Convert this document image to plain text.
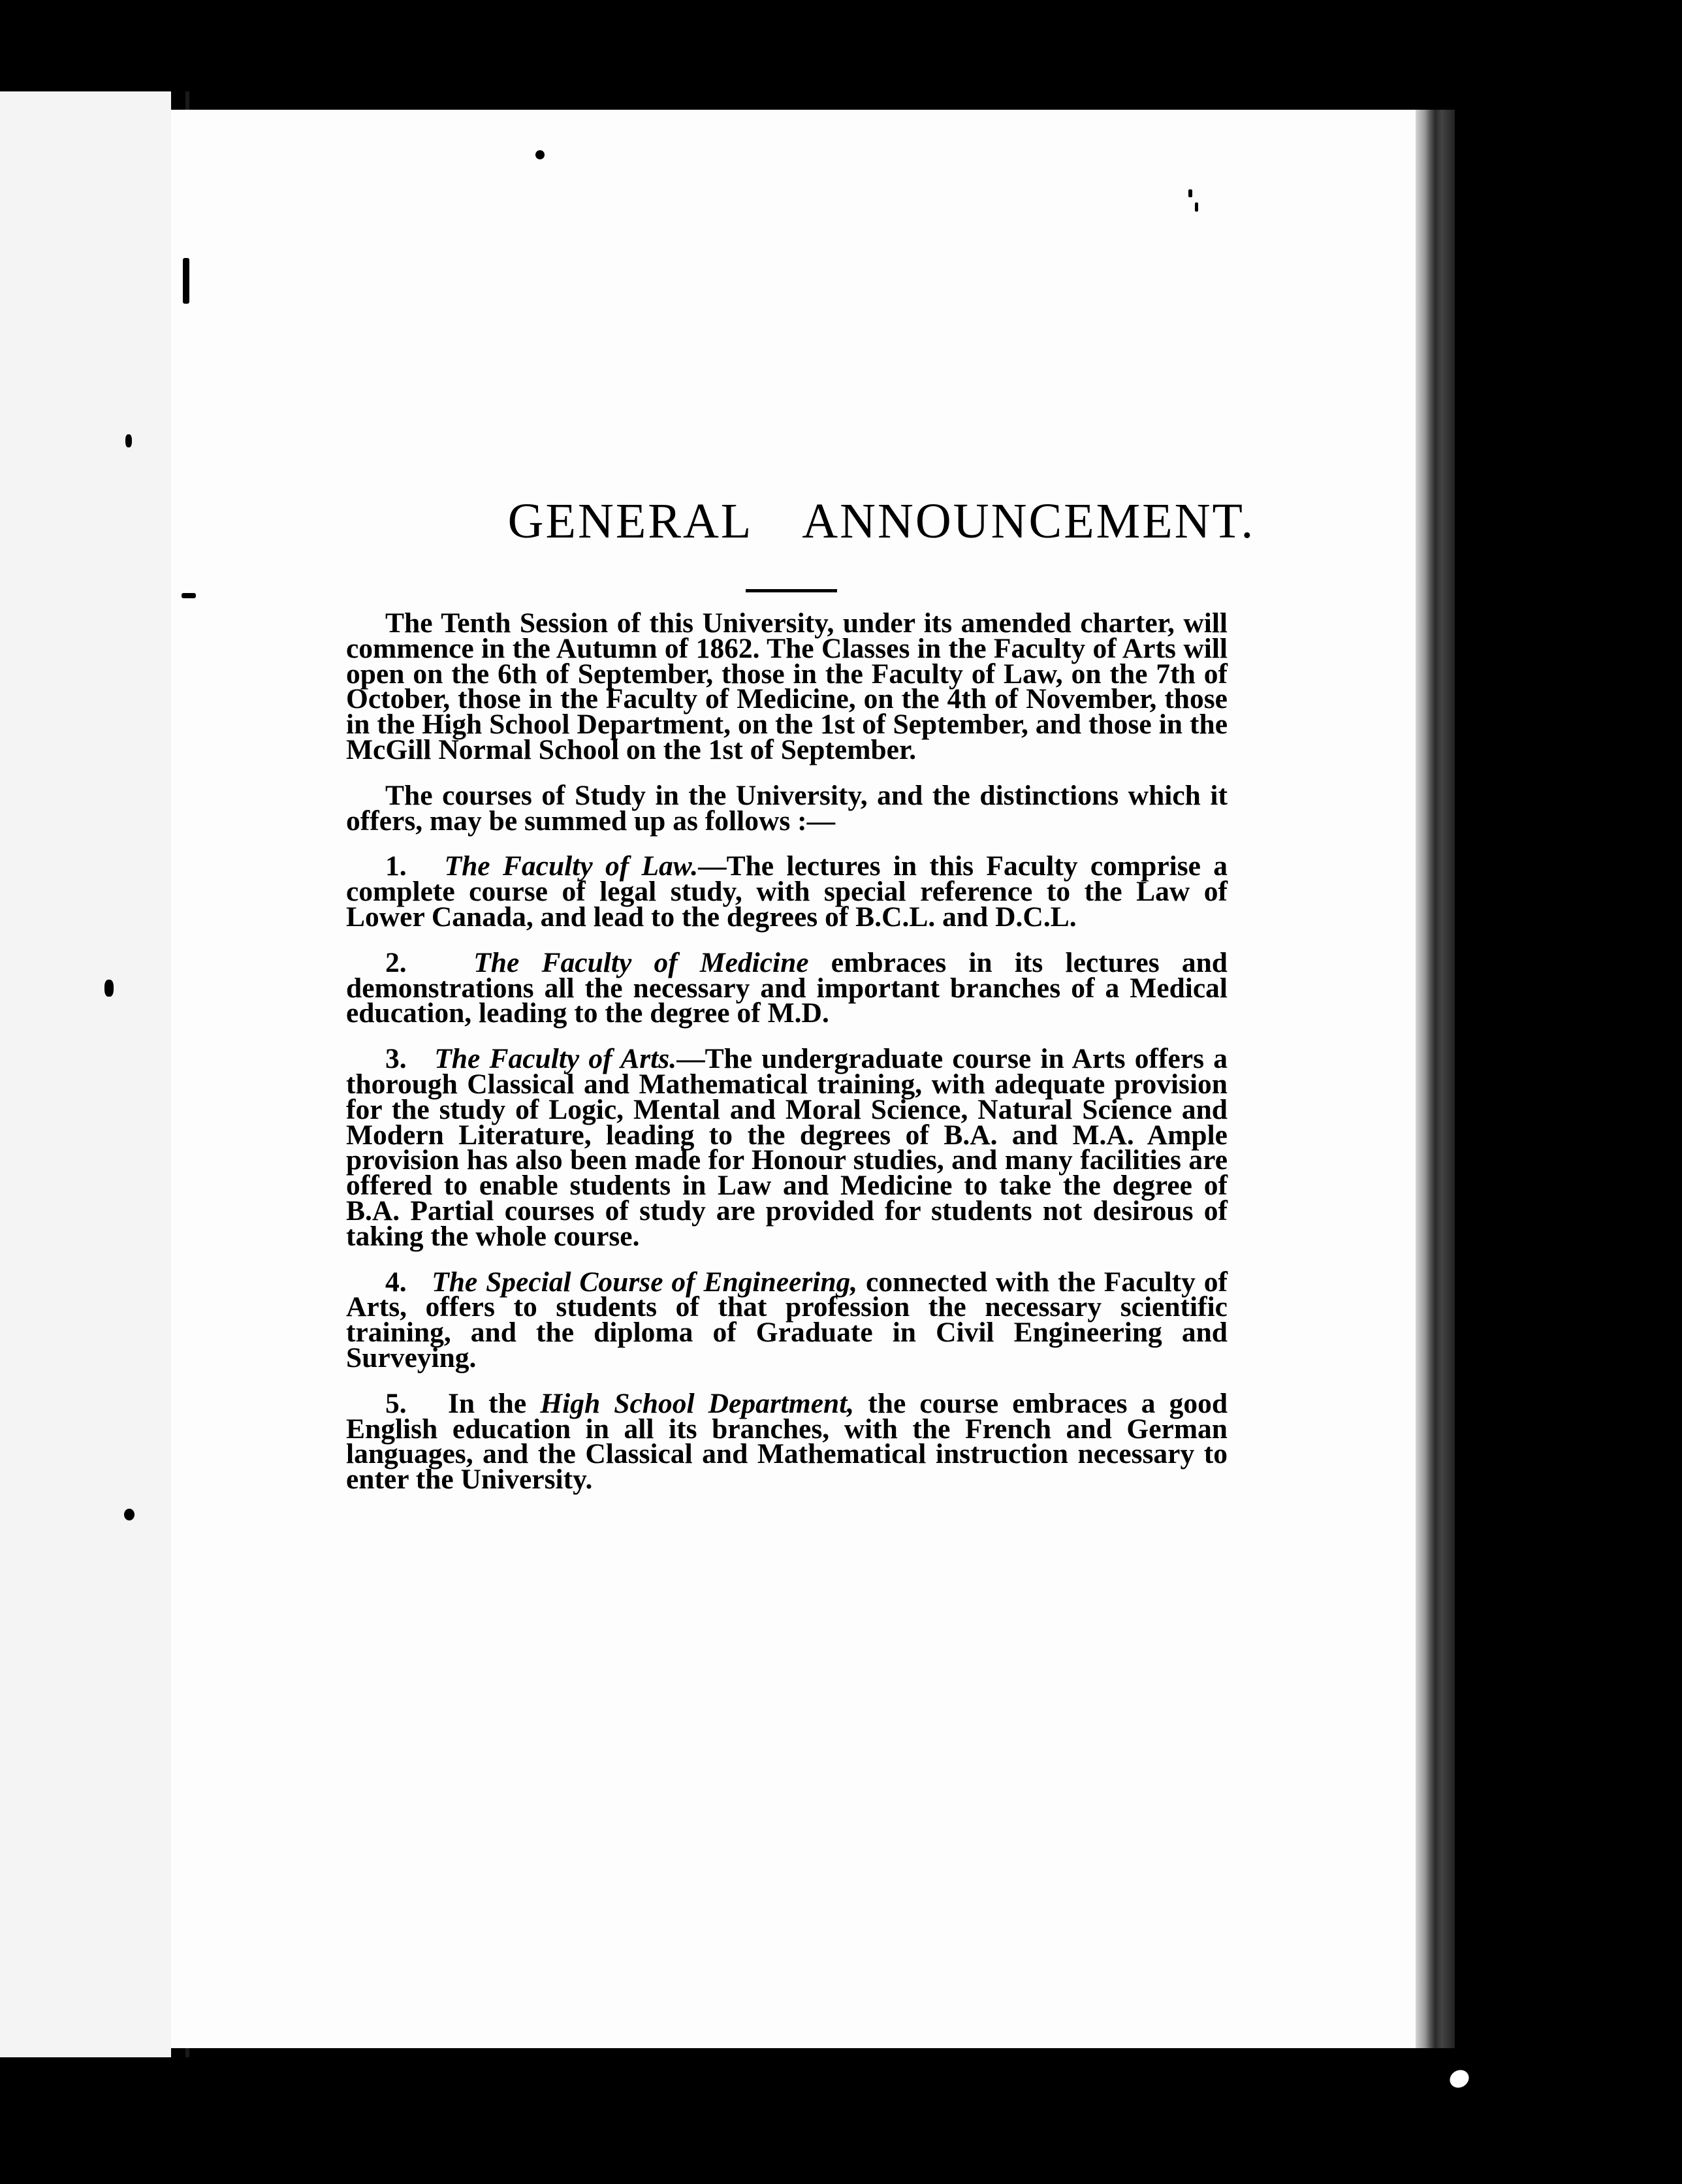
GENERAL ANNOUNCEMENT.

The Tenth Session of this University, under its amended charter, will commence in the Autumn of 1862. The Classes in the Faculty of Arts will open on the 6th of September, those in the Faculty of Law, on the 7th of October, those in the Faculty of Medicine, on the 4th of November, those in the High School Department, on the 1st of September, and those in the McGill Normal School on the 1st of September.

The courses of Study in the University, and the distinctions which it offers, may be summed up as follows :—

1. The Faculty of Law.—The lectures in this Faculty comprise a complete course of legal study, with special reference to the Law of Lower Canada, and lead to the degrees of B.C.L. and D.C.L.

2. The Faculty of Medicine embraces in its lectures and demonstrations all the necessary and important branches of a Medical education, leading to the degree of M.D.

3. The Faculty of Arts.—The undergraduate course in Arts offers a thorough Classical and Mathematical training, with adequate provision for the study of Logic, Mental and Moral Science, Natural Science and Modern Literature, leading to the degrees of B.A. and M.A. Ample provision has also been made for Honour studies, and many facilities are offered to enable students in Law and Medicine to take the degree of B.A. Partial courses of study are provided for students not desirous of taking the whole course.

4. The Special Course of Engineering, connected with the Faculty of Arts, offers to students of that profession the necessary scientific training, and the diploma of Graduate in Civil Engineering and Surveying.

5. In the High School Department, the course embraces a good English education in all its branches, with the French and German languages, and the Classical and Mathematical instruction necessary to enter the University.
